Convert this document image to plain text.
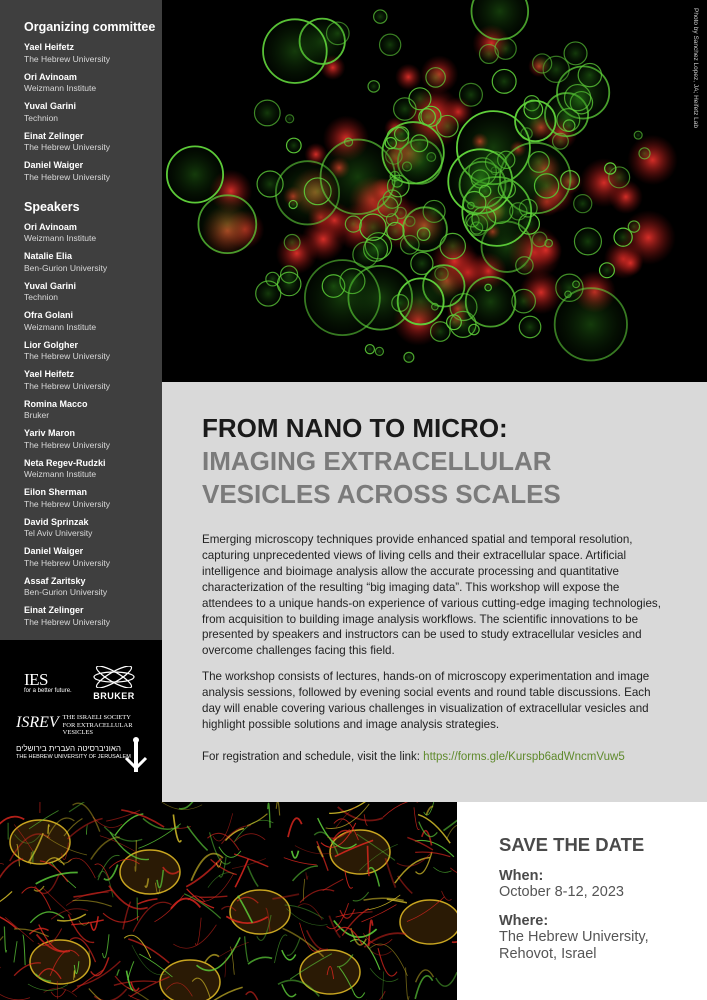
Organizing committee
Yael Heifetz
The Hebrew University
Ori Avinoam
Weizmann Institute
Yuval Garini
Technion
Einat Zelinger
The Hebrew University
Daniel Waiger
The Hebrew University
Speakers
Ori Avinoam
Weizmann Institute
Natalie Elia
Ben-Gurion University
Yuval Garini
Technion
Ofra Golani
Weizmann Institute
Lior Golgher
The Hebrew University
Yael Heifetz
The Hebrew University
Romina Macco
Bruker
Yariv Maron
The Hebrew University
Neta Regev-Rudzki
Weizmann Institute
Eilon Sherman
The Hebrew University
David Sprinzak
Tel Aviv University
Daniel Waiger
The Hebrew University
Assaf Zaritsky
Ben-Gurion University
Einat Zelinger
The Hebrew University
IES
for a better future.	BRUKER
ISREV THE ISRAELI SOCIETY
FOR EXTRACELLULAR
VESICLES
האוניברסיטה העברית בירושלים
THE HEBREW UNIVERSITY OF JERUSALEM
Photo by Sanchez Lopez, JA; Heifetz Lab
FROM NANO TO MICRO:
IMAGING EXTRACELLULAR
VESICLES ACROSS SCALES

Emerging microscopy techniques provide enhanced spatial and temporal resolution, capturing unprecedented views of living cells and their extracellular space. Artificial intelligence and bioimage analysis allow the accurate processing and quantitative characterization of the resulting “big imaging data”. This workshop will expose the attendees to a unique hands-on experience of various cutting-edge imaging technologies, from acquisition to building image analysis workflows. The scientific innovations to be presented by speakers and instructors can be used to study extracellular vesicles and overcome challenges facing this field.

The workshop consists of lectures, hands-on of microscopy experimentation and image analysis sessions, followed by evening social events and round table discussions. Each day will enable covering various challenges in visualization of extracellular vesicles and highlight possible solutions and image analysis strategies.

For registration and schedule, visit the link: https://forms.gle/Kurspb6adWncmVuw5

SAVE THE DATE
When:
October 8-12, 2023
Where:
The Hebrew University,
Rehovot, Israel
